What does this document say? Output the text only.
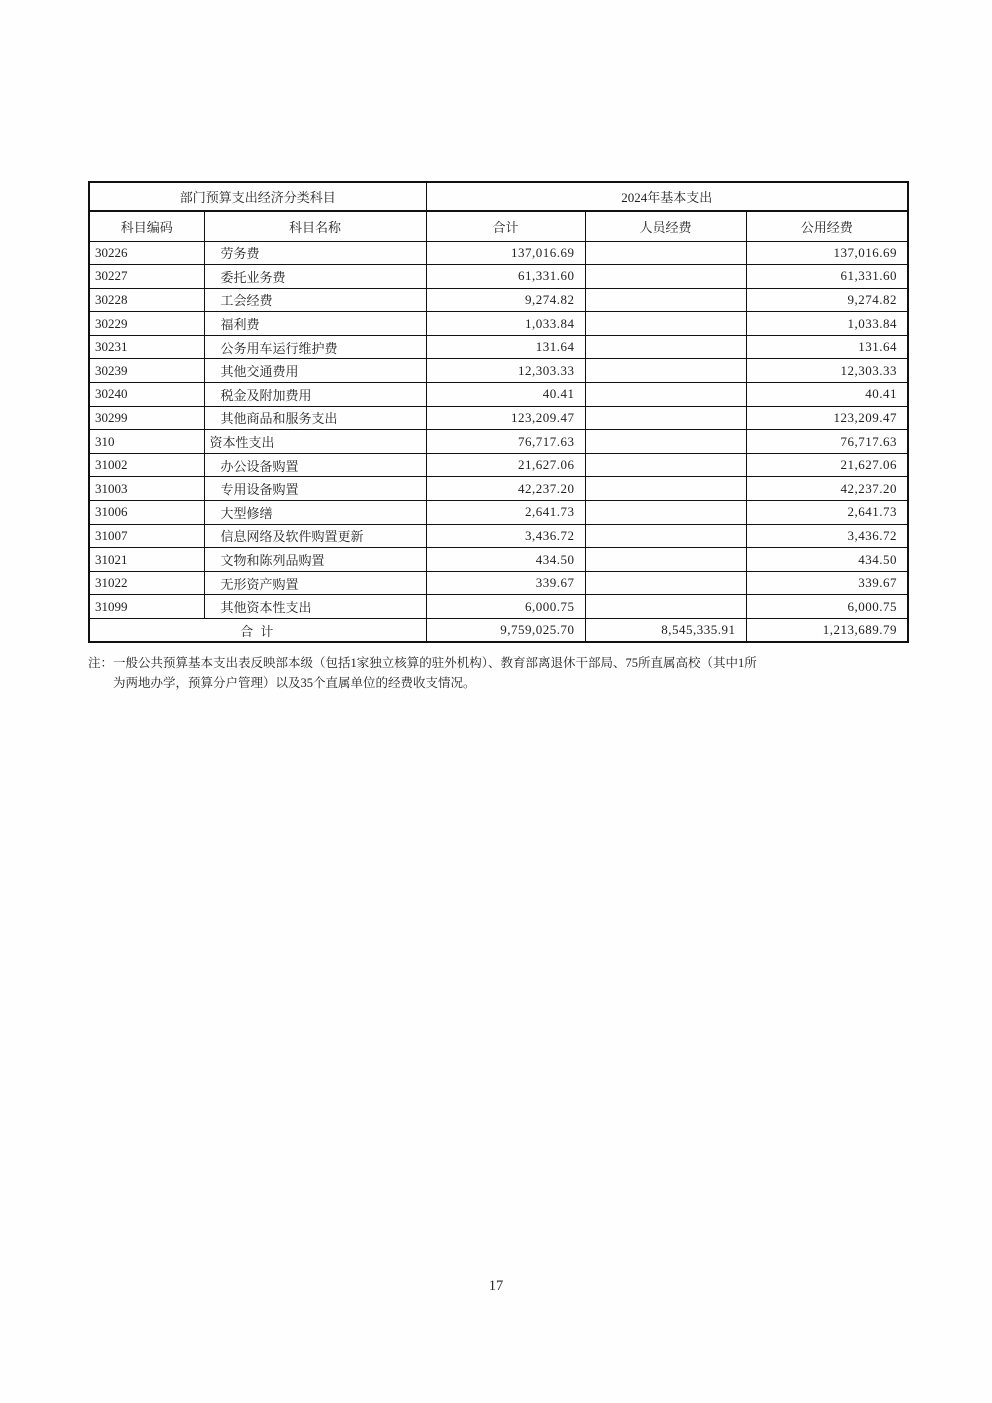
部门预算支出经济分类科目		2024年基本支出		
科目编码	科目名称	合计	人员经费	公用经费
30226	劳务费	137,016.69		137,016.69
30227	委托业务费	61,331.60		61,331.60
30228	工会经费	9,274.82		9,274.82
30229	福利费	1,033.84		1,033.84
30231	公务用车运行维护费	131.64		131.64
30239	其他交通费用	12,303.33		12,303.33
30240	税金及附加费用	40.41		40.41
30299	其他商品和服务支出	123,209.47		123,209.47
310	资本性支出	76,717.63		76,717.63
31002	办公设备购置	21,627.06		21,627.06
31003	专用设备购置	42,237.20		42,237.20
31006	大型修缮	2,641.73		2,641.73
31007	信息网络及软件购置更新	3,436.72		3,436.72
31021	文物和陈列品购置	434.50		434.50
31022	无形资产购置	339.67		339.67
31099	其他资本性支出	6,000.75		6,000.75
合 计		9,759,025.70	8,545,335.91	1,213,689.79
注： 一般公共预算基本支出表反映部本级（包括1家独立核算的驻外机构）、教育部离退休干部局、75所直属高校（其中1所
为两地办学，预算分户管理）以及35个直属单位的经费收支情况。
17
